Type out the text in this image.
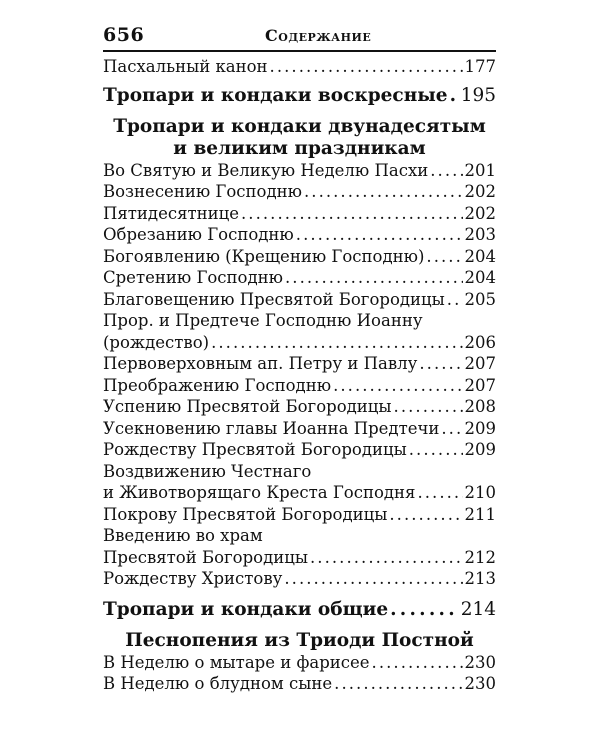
656	Содержание
Пасхальный канон . . .	177
Тропари и кондаки воскресные . . . 195
Тропари и кондаки двунадесятым
и великим праздникам
Во Святую и Великую Неделю Пасхи . . . 201
Вознесению Господню . . .	202
Пятидесятнице . . .	202
Обрезанию Господню . . .	203
Богоявлению (Крещению Господню) . . . 204
Сретению Господню . . .	204
Благовещению Пресвятой Богородицы . . . 205
Прор. и Предтече Господню Иоанну
(рождество) . . .	206
Первоверховным ап. Петру и Павлу . . .	207
Преображению Господню . . .	207
Успению Пресвятой Богородицы . . .	208
Усекновению главы Иоанна Предтечи . . . 209
Рождеству Пресвятой Богородицы . . .	209
Воздвижению Честнаго
и Животворящаго Креста Господня . . .	210
Покрову Пресвятой Богородицы . . .	211
Введению во храм
Пресвятой Богородицы . . .	212
Рождеству Христову . . .	213
Тропари и кондаки общие . . .	214
Песнопения из Триоди Постной
В Неделю о мытаре и фарисее . . .	230
В Неделю о блудном сыне . . .	230
